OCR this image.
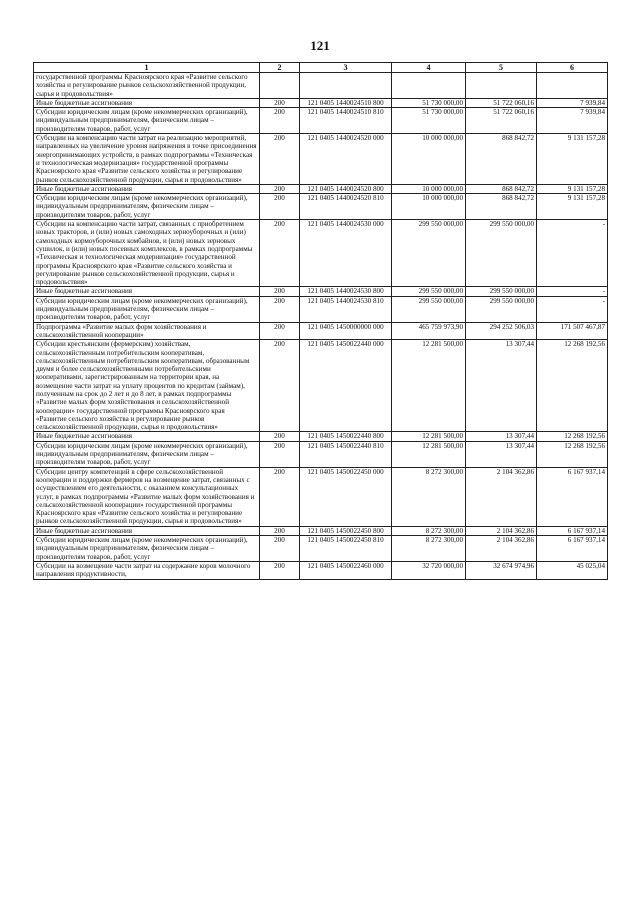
121
1	2	3	4	5	6
государственной программы Красноярского края «Развитие сельского хозяйства и регулирование рынков сельскохозяйственной продукции, сырья и продовольствия»					
Иные бюджетные ассигнования	200	121 0405 1440024510 800	51 730 000,00	51 722 060,16	7 939,84
Субсидии юридическим лицам (кроме некоммерческих организаций), индивидуальным предпринимателям, физическим лицам – производителям товаров, работ, услуг	200	121 0405 1440024510 810	51 730 000,00	51 722 060,16	7 939,84
Субсидии на компенсацию части затрат на реализацию мероприятий, направленных на увеличение уровня напряжения в точке присоединения энергопринимающих устройств, в рамках подпрограммы «Техническая и технологическая модернизация» государственной программы Красноярского края «Развитие сельского хозяйства и регулирование рынков сельскохозяйственной продукции, сырья и продовольствия»	200	121 0405 1440024520 000	10 000 000,00	868 842,72	9 131 157,28
Иные бюджетные ассигнования	200	121 0405 1440024520 800	10 000 000,00	868 842,72	9 131 157,28
Субсидии юридическим лицам (кроме некоммерческих организаций), индивидуальным предпринимателям, физическим лицам – производителям товаров, работ, услуг	200	121 0405 1440024520 810	10 000 000,00	868 842,72	9 131 157,28
Субсидии на компенсацию части затрат, связанных с приобретением новых тракторов, и (или) новых самоходных зерноуборочных и (или) самоходных кормоуборочных комбайнов, и (или) новых зерновых сушилок, и (или) новых посевных комплексов, в рамках подпрограммы «Техническая и технологическая модернизация» государственной программы Красноярского края «Развитие сельского хозяйства и регулирование рынков сельскохозяйственной продукции, сырья и продовольствия»	200	121 0405 1440024530 000	299 550 000,00	299 550 000,00	-
Иные бюджетные ассигнования	200	121 0405 1440024530 800	299 550 000,00	299 550 000,00	-
Субсидии юридическим лицам (кроме некоммерческих организаций), индивидуальным предпринимателям, физическим лицам – производителям товаров, работ, услуг	200	121 0405 1440024530 810	299 550 000,00	299 550 000,00	-
Подпрограмма «Развитие малых форм хозяйствования и сельскохозяйственной кооперации»	200	121 0405 1450000000 000	465 759 973,90	294 252 506,03	171 507 467,87
Субсидии крестьянским (фермерским) хозяйствам, сельскохозяйственным потребительским кооперативам, сельскохозяйственным потребительским кооперативам, образованным двумя и более сельскохозяйственными потребительскими кооперативами, зарегистрированным на территории края, на возмещение части затрат на уплату процентов по кредитам (займам), полученным на срок до 2 лет и до 8 лет, в рамках подпрограммы «Развитие малых форм хозяйствования и сельскохозяйственной кооперации» государственной программы Красноярского края «Развитие сельского хозяйства и регулирование рынков сельскохозяйственной продукции, сырья и продовольствия»	200	121 0405 1450022440 000	12 281 500,00	13 307,44	12 268 192,56
Иные бюджетные ассигнования	200	121 0405 1450022440 800	12 281 500,00	13 307,44	12 268 192,56
Субсидии юридическим лицам (кроме некоммерческих организаций), индивидуальным предпринимателям, физическим лицам – производителям товаров, работ, услуг	200	121 0405 1450022440 810	12 281 500,00	13 307,44	12 268 192,56
Субсидии центру компетенций в сфере сельскохозяйственной кооперации и поддержки фермеров на возмещение затрат, связанных с осуществлением его деятельности, с оказанием консультационных услуг, в рамках подпрограммы «Развитие малых форм хозяйствования и сельскохозяйственной кооперации» государственной программы Красноярского края «Развитие сельского хозяйства и регулирование рынков сельскохозяйственной продукции, сырья и продовольствия»	200	121 0405 1450022450 000	8 272 300,00	2 104 362,86	6 167 937,14
Иные бюджетные ассигнования	200	121 0405 1450022450 800	8 272 300,00	2 104 362,86	6 167 937,14
Субсидии юридическим лицам (кроме некоммерческих организаций), индивидуальным предпринимателям, физическим лицам – производителям товаров, работ, услуг	200	121 0405 1450022450 810	8 272 300,00	2 104 362,86	6 167 937,14
Субсидии на возмещение части затрат на содержание коров молочного направления продуктивности,	200	121 0405 1450022460 000	32 720 000,00	32 674 974,96	45 025,04
